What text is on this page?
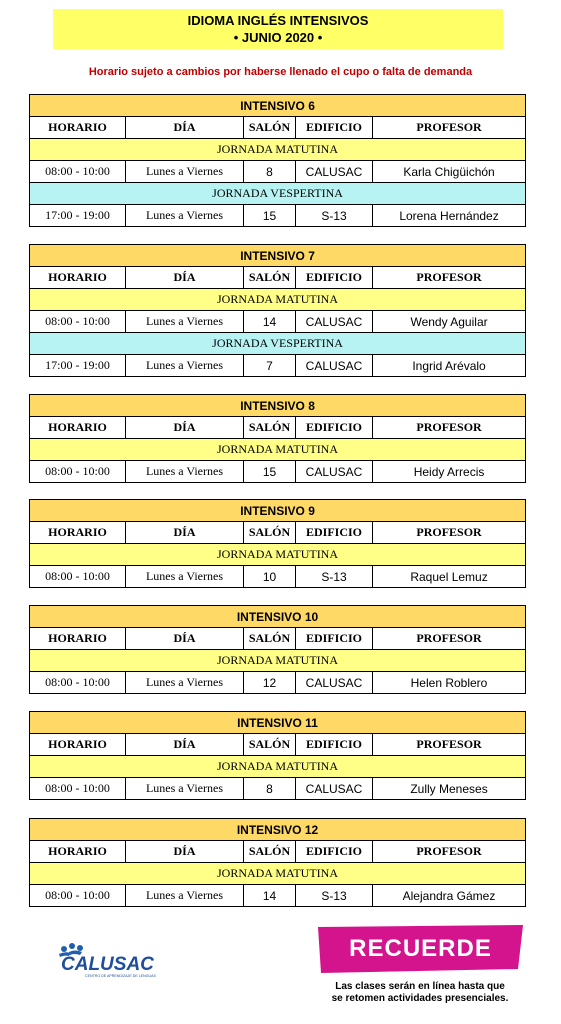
IDIOMA INGLÉS INTENSIVOS
• JUNIO 2020 •
Horario sujeto a cambios por haberse llenado el cupo o falta de demanda
INTENSIVO 6				
HORARIO	DÍA	SALÓN	EDIFICIO	PROFESOR
JORNADA MATUTINA				
08:00 - 10:00	Lunes a Viernes	8	CALUSAC	Karla Chigüichón
JORNADA VESPERTINA				
17:00 - 19:00	Lunes a Viernes	15	S-13	Lorena Hernández
INTENSIVO 7				
HORARIO	DÍA	SALÓN	EDIFICIO	PROFESOR
JORNADA MATUTINA				
08:00 - 10:00	Lunes a Viernes	14	CALUSAC	Wendy Aguilar
JORNADA VESPERTINA				
17:00 - 19:00	Lunes a Viernes	7	CALUSAC	Ingrid Arévalo
INTENSIVO 8				
HORARIO	DÍA	SALÓN	EDIFICIO	PROFESOR
JORNADA MATUTINA				
08:00 - 10:00	Lunes a Viernes	15	CALUSAC	Heidy Arrecis
INTENSIVO 9				
HORARIO	DÍA	SALÓN	EDIFICIO	PROFESOR
JORNADA MATUTINA				
08:00 - 10:00	Lunes a Viernes	10	S-13	Raquel Lemuz
INTENSIVO 10				
HORARIO	DÍA	SALÓN	EDIFICIO	PROFESOR
JORNADA MATUTINA				
08:00 - 10:00	Lunes a Viernes	12	CALUSAC	Helen Roblero
INTENSIVO 11				
HORARIO	DÍA	SALÓN	EDIFICIO	PROFESOR
JORNADA MATUTINA				
08:00 - 10:00	Lunes a Viernes	8	CALUSAC	Zully Meneses
INTENSIVO 12				
HORARIO	DÍA	SALÓN	EDIFICIO	PROFESOR
JORNADA MATUTINA				
08:00 - 10:00	Lunes a Viernes	14	S-13	Alejandra Gámez
CALUSAC
CENTRO DE APRENDIZAJE DE LENGUAS
RECUERDE
Las clases serán en línea hasta que
se retomen actividades presenciales.
